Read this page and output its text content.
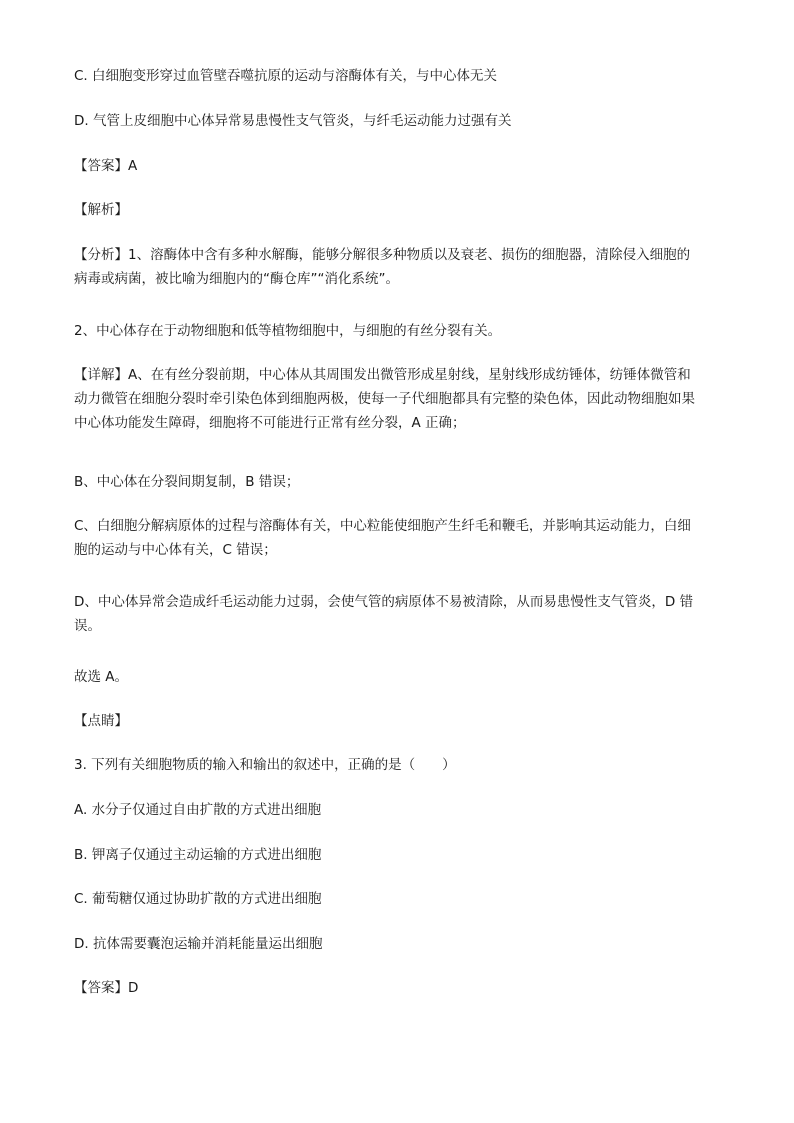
C. 白细胞变形穿过血管壁吞噬抗原的运动与溶酶体有关，与中心体无关
D. 气管上皮细胞中心体异常易患慢性支气管炎，与纤毛运动能力过强有关
【答案】A
【解析】
【分析】1、溶酶体中含有多种水解酶，能够分解很多种物质以及衰老、损伤的细胞器，清除侵入细胞的
病毒或病菌，被比喻为细胞内的“酶仓库”“消化系统”。
2、中心体存在于动物细胞和低等植物细胞中，与细胞的有丝分裂有关。
【详解】A、在有丝分裂前期，中心体从其周围发出微管形成星射线，星射线形成纺锤体，纺锤体微管和
动力微管在细胞分裂时牵引染色体到细胞两极，使每一子代细胞都具有完整的染色体，因此动物细胞如果
中心体功能发生障碍，细胞将不可能进行正常有丝分裂，A 正确；
B、中心体在分裂间期复制，B 错误；
C、白细胞分解病原体的过程与溶酶体有关，中心粒能使细胞产生纤毛和鞭毛，并影响其运动能力，白细
胞的运动与中心体有关，C 错误；
D、中心体异常会造成纤毛运动能力过弱，会使气管的病原体不易被清除，从而易患慢性支气管炎，D 错
误。
故选 A。
【点睛】
3. 下列有关细胞物质的输入和输出的叙述中，正确的是（　　）
A. 水分子仅通过自由扩散的方式进出细胞
B. 钾离子仅通过主动运输的方式进出细胞
C. 葡萄糖仅通过协助扩散的方式进出细胞
D. 抗体需要囊泡运输并消耗能量运出细胞
【答案】D
